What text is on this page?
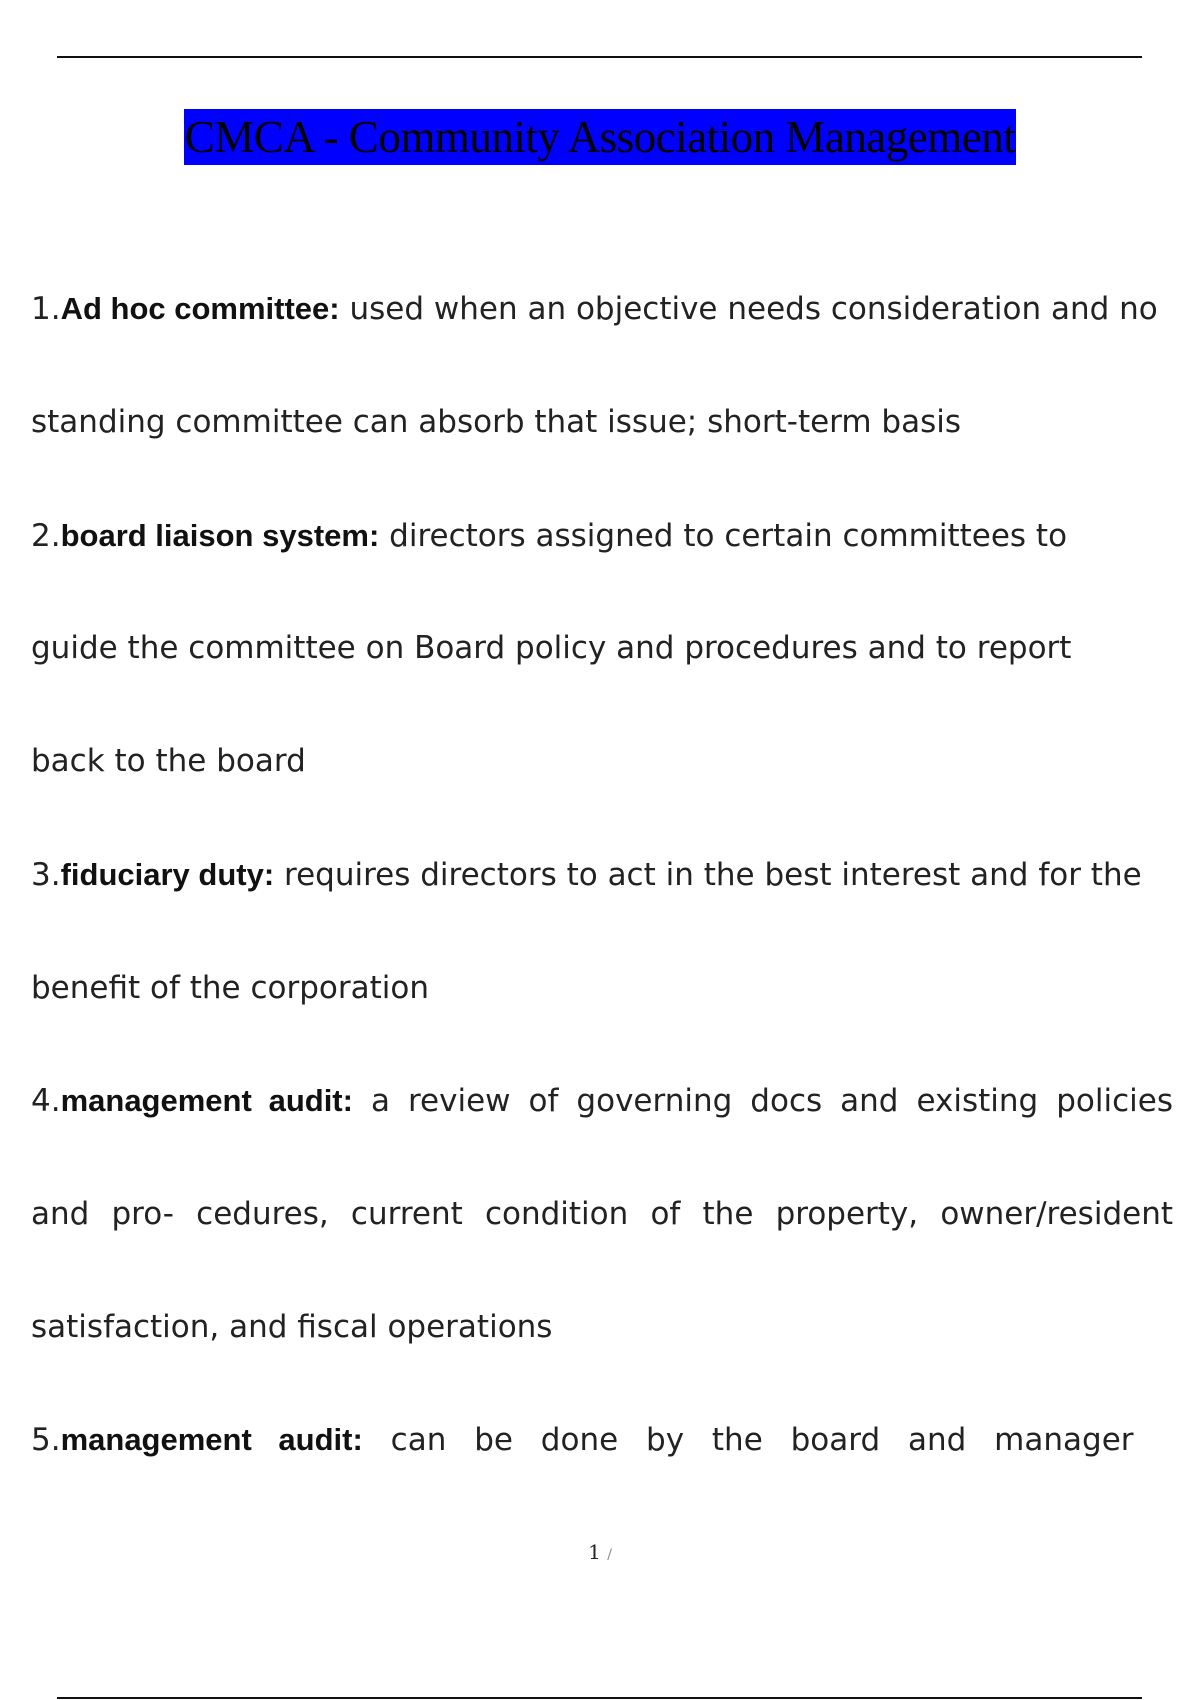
CMCA - Community Association Management
1.Ad hoc committee: used when an objective needs consideration and no
standing committee can absorb that issue; short-term basis
2.board liaison system: directors assigned to certain committees to
guide the committee on Board policy and procedures and to report
back to the board
3.fiduciary duty: requires directors to act in the best interest and for the
benefit of the corporation
4.management audit: a review of governing docs and existing policies
and pro- cedures, current condition of the property, owner/resident
satisfaction, and fiscal operations
5.management audit: can be done by the board and manager
1 /
